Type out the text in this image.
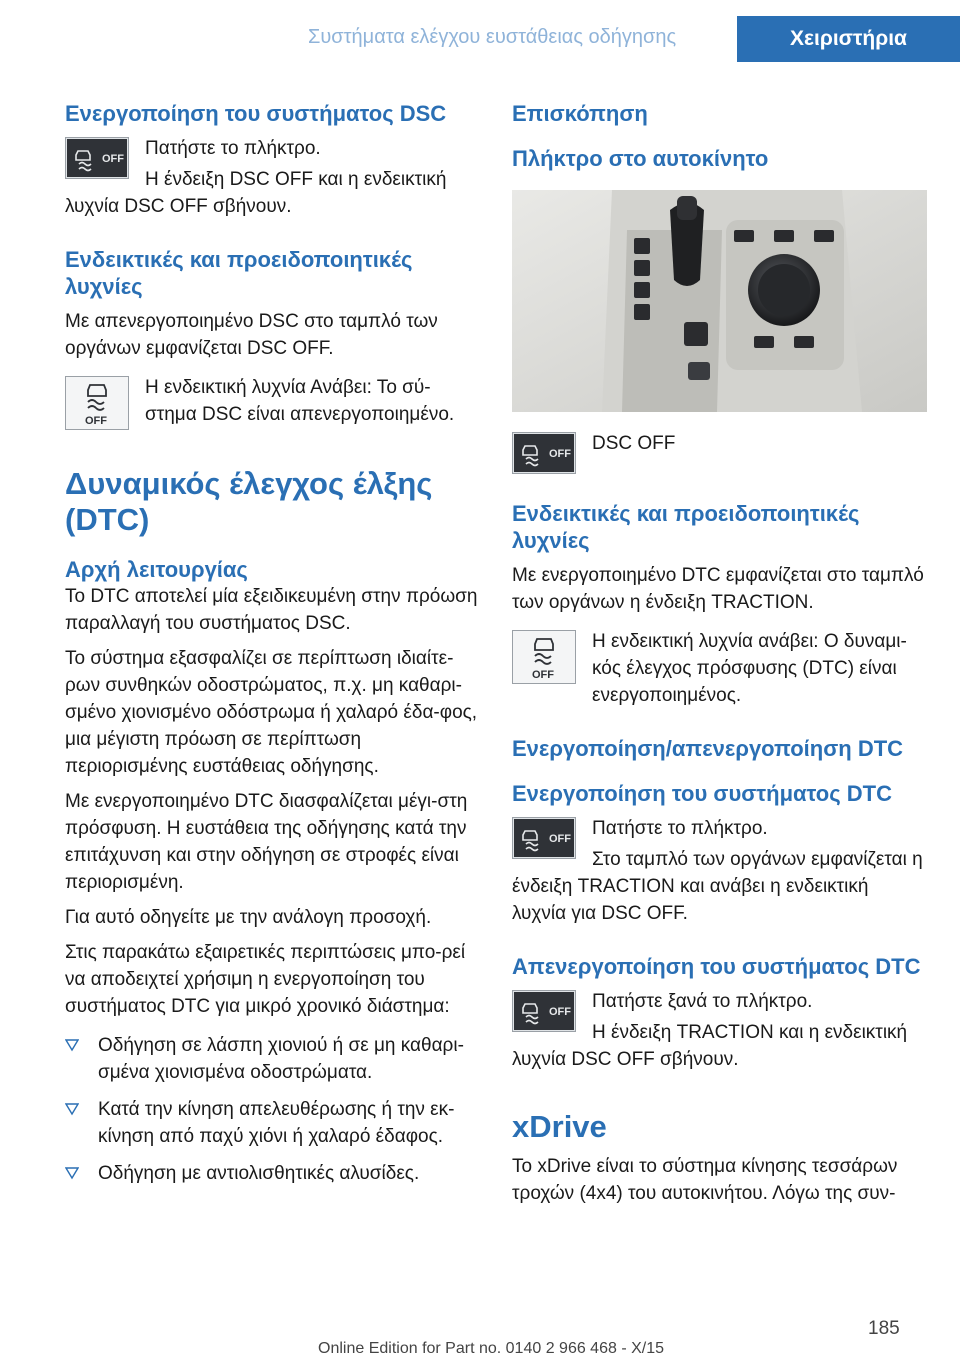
Συστήματα ελέγχου ευστάθειας οδήγησης	Χειριστήρια
Ενεργοποίηση του συστήματος DSC
OFF	Πατήστε το πλήκτρο.

Η ένδειξη DSC OFF και η ενδεικτική λυχνία DSC OFF σβήνουν.

Ενδεικτικές και προειδοποιητικές λυχνίες

Με απενεργοποιημένο DSC στο ταμπλό των οργάνων εμφανίζεται DSC OFF.

OFF

Η ενδεικτική λυχνία Ανάβει: Το σύ-στημα DSC είναι απενεργοποιημένο.

Δυναμικός έλεγχος έλξης (DTC)
Αρχή λειτουργίας

Το DTC αποτελεί μία εξειδικευμένη στην πρόωση παραλλαγή του συστήματος DSC.

Το σύστημα εξασφαλίζει σε περίπτωση ιδιαίτε-ρων συνθηκών οδοστρώματος, π.χ. μη καθαρι-σμένο χιονισμένο οδόστρωμα ή χαλαρό έδα-φος, μια μέγιστη πρόωση σε περίπτωση περιορισμένης ευστάθειας οδήγησης.

Με ενεργοποιημένο DTC διασφαλίζεται μέγι-στη πρόσφυση. Η ευστάθεια της οδήγησης κατά την επιτάχυνση και στην οδήγηση σε στροφές είναι περιορισμένη.

Για αυτό οδηγείτε με την ανάλογη προσοχή.

Στις παρακάτω εξαιρετικές περιπτώσεις μπο-ρεί να αποδειχτεί χρήσιμη η ενεργοποίηση του συστήματος DTC για μικρό χρονικό διάστημα:

Οδήγηση σε λάσπη χιονιού ή σε μη καθαρι-σμένα χιονισμένα οδοστρώματα.
Κατά την κίνηση απελευθέρωσης ή την εκ-κίνηση από παχύ χιόνι ή χαλαρό έδαφος.
Οδήγηση με αντιολισθητικές αλυσίδες.
Επισκόπηση
Πλήκτρο στο αυτοκίνητο
OFF	DSC OFF

Ενδεικτικές και προειδοποιητικές λυχνίες

Με ενεργοποιημένο DTC εμφανίζεται στο ταμπλό των οργάνων η ένδειξη TRACTION.

OFF

Η ενδεικτική λυχνία ανάβει: Ο δυναμι-κός έλεγχος πρόσφυσης (DTC) είναι ενεργοποιημένος.

Ενεργοποίηση/απενεργοποίηση DTC
Ενεργοποίηση του συστήματος DTC
OFF	Πατήστε το πλήκτρο.

Στο ταμπλό των οργάνων εμφανίζεται η ένδειξη TRACTION και ανάβει η ενδεικτική λυχνία για DSC OFF.

Απενεργοποίηση του συστήματος DTC
OFF	Πατήστε ξανά το πλήκτρο.

Η ένδειξη TRACTION και η ενδεικτική λυχνία DSC OFF σβήνουν.

xDrive

Το xDrive είναι το σύστημα κίνησης τεσσάρων τροχών (4x4) του αυτοκινήτου. Λόγω της συν-

185
Online Edition for Part no. 0140 2 966 468 - X/15
